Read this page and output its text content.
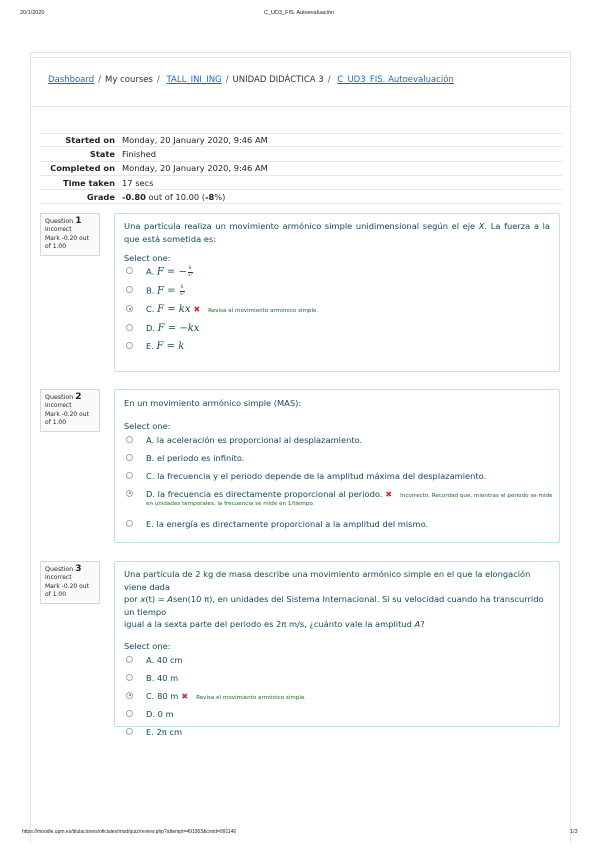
20/1/2020	C_UD3_FIS. Autoevaluación
Dashboard / My courses / TALL_INI_ING / UNIDAD DIDÁCTICA 3 / C_UD3_FIS. Autoevaluación
Started on Monday, 20 January 2020, 9:46 AM
State Finished
Completed on Monday, 20 January 2020, 9:46 AM
Time taken 17 secs
Grade -0.80 out of 10.00 (-8%)
Question 1
Incorrect
Mark -0.20 out of 1.00
Una partícula realiza un movimiento armónico simple unidimensional según el eje X. La fuerza a la que está sometida es:
Select one:
A. F = − $\frac{k}{\text{x²}}$
B. $F = \frac{k}{\text{x²}}$
C. F = kx ✖ Revisa el movimiento armónico simple.
D. F = −kx
E. F = k
Question 2
Incorrect
Mark -0.20 out of 1.00
En un movimiento armónico simple (MAS):
Select one:
A. la aceleración es proporcional al desplazamiento.
B. el periodo es infinito.
C. la frecuencia y el periodo depende de la amplitud máxima del desplazamiento.
D. la frecuencia es directamente proporcional al periodo. ✖ Incorrecto. Recordad que, mientras el periodo se mide
en unidades temporales, la frecuencia se mide en 1/tiempo.
E. la energía es directamente proporcional a la amplitud del mismo.
Question 3
Incorrect
Mark -0.20 out of 1.00
Una partícula de 2 kg de masa describe una movimiento armónico simple en el que la elongación viene dada
por x(t) = Asen(10 π), en unidades del Sistema Internacional. Si su velocidad cuando ha transcurrido un tiempo
igual a la sexta parte del periodo es 2π m/s, ¿cuánto vale la amplitud A?
Select one:
A. 40 cm
B. 40 m
C. 80 m ✖ Revisa el movimiento armónico simple.
D. 0 m
E. 2π cm
https://moodle.upm.es/titulaciones/oficiales/mod/quiz/review.php?attempt=491953&cmid=991146	1/3
